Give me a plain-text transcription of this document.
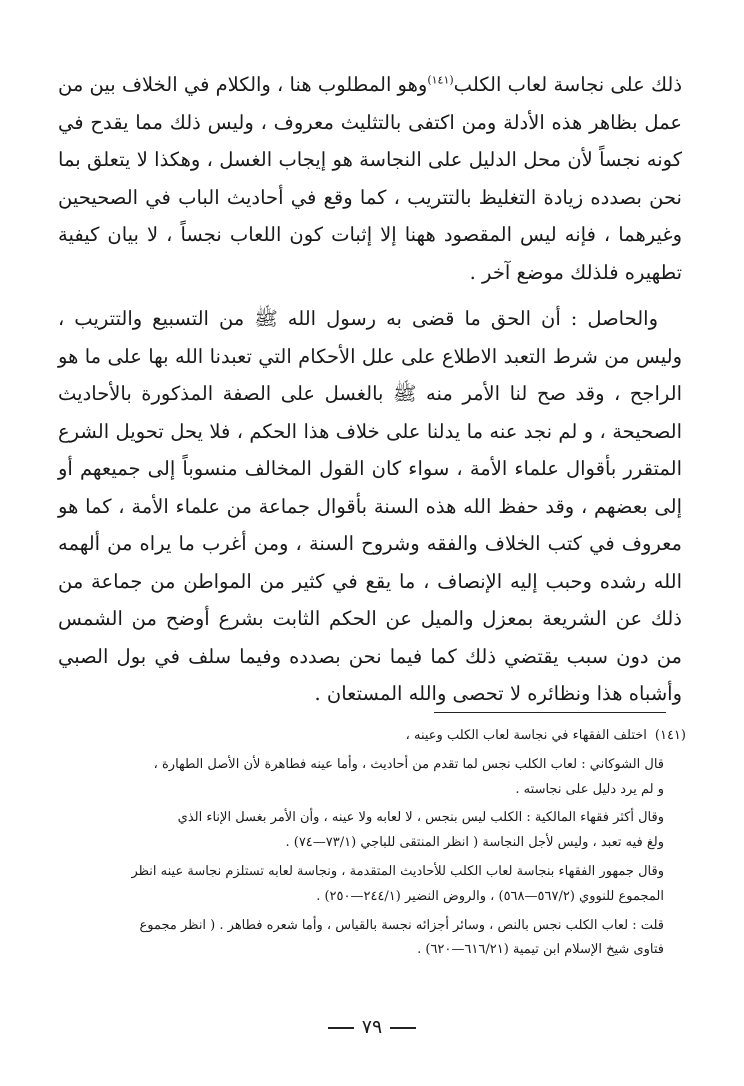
ذلك على نجاسة لعاب الكلب$^{(١٤١)}$وهو المطلوب هنا ، والكلام في الخلاف بين من عمل بظاهر هذه الأدلة ومن اكتفى بالتثليث معروف ، وليس ذلك مما يقدح في كونه نجساً لأن محل الدليل على النجاسة هو إيجاب الغسل ، وهكذا لا يتعلق بما نحن بصدده زيادة التغليظ بالتتريب ، كما وقع في أحاديث الباب في الصحيحين وغيرهما ، فإنه ليس المقصود ههنا إلا إثبات كون اللعاب نجساً ، لا بيان كيفية تطهيره فلذلك موضع آخر .

والحاصل : أن الحق ما قضى به رسول الله ﷺ من التسبيع والتتريب ، وليس من شرط التعبد الاطلاع على علل الأحكام التي تعبدنا الله بها على ما هو الراجح ، وقد صح لنا الأمر منه ﷺ بالغسل على الصفة المذكورة بالأحاديث الصحيحة ، و لم نجد عنه ما يدلنا على خلاف هذا الحكم ، فلا يحل تحويل الشرع المتقرر بأقوال علماء الأمة ، سواء كان القول المخالف منسوباً إلى جميعهم أو إلى بعضهم ، وقد حفظ الله هذه السنة بأقوال جماعة من علماء الأمة ، كما هو معروف في كتب الخلاف والفقه وشروح السنة ، ومن أغرب ما يراه من ألهمه الله رشده وحبب إليه الإنصاف ، ما يقع في كثير من المواطن من جماعة من ذلك عن الشريعة بمعزل والميل عن الحكم الثابت بشرع أوضح من الشمس من دون سبب يقتضي ذلك كما فيما نحن بصدده وفيما سلف في بول الصبي وأشباه هذا ونظائره لا تحصى والله المستعان .

(١٤١)اختلف الفقهاء في نجاسة لعاب الكلب وعينه ،

قال الشوكاني : لعاب الكلب نجس لما تقدم من أحاديث ، وأما عينه فطاهرة لأن الأصل الطهارة ،

و لم يرد دليل على نجاسته .

وقال أكثر فقهاء المالكية : الكلب ليس بنجس ، لا لعابه ولا عينه ، وأن الأمر بغسل الإناء الذي

ولغ فيه تعبد ، وليس لأجل النجاسة ( انظر المنتقى للباجي (٧٣/١—٧٤) .

وقال جمهور الفقهاء بنجاسة لعاب الكلب للأحاديث المتقدمة ، ونجاسة لعابه تستلزم نجاسة عينه انظر

المجموع للنووي (٥٦٧/٢—٥٦٨) ، والروض النضير (٢٤٤/١—٢٥٠) .

قلت : لعاب الكلب نجس بالنص ، وسائر أجزائه نجسة بالقياس ، وأما شعره فطاهر . ( انظر مجموع

فتاوى شيخ الإسلام ابن تيمية (٦١٦/٢١—٦٢٠) .

٧٩
